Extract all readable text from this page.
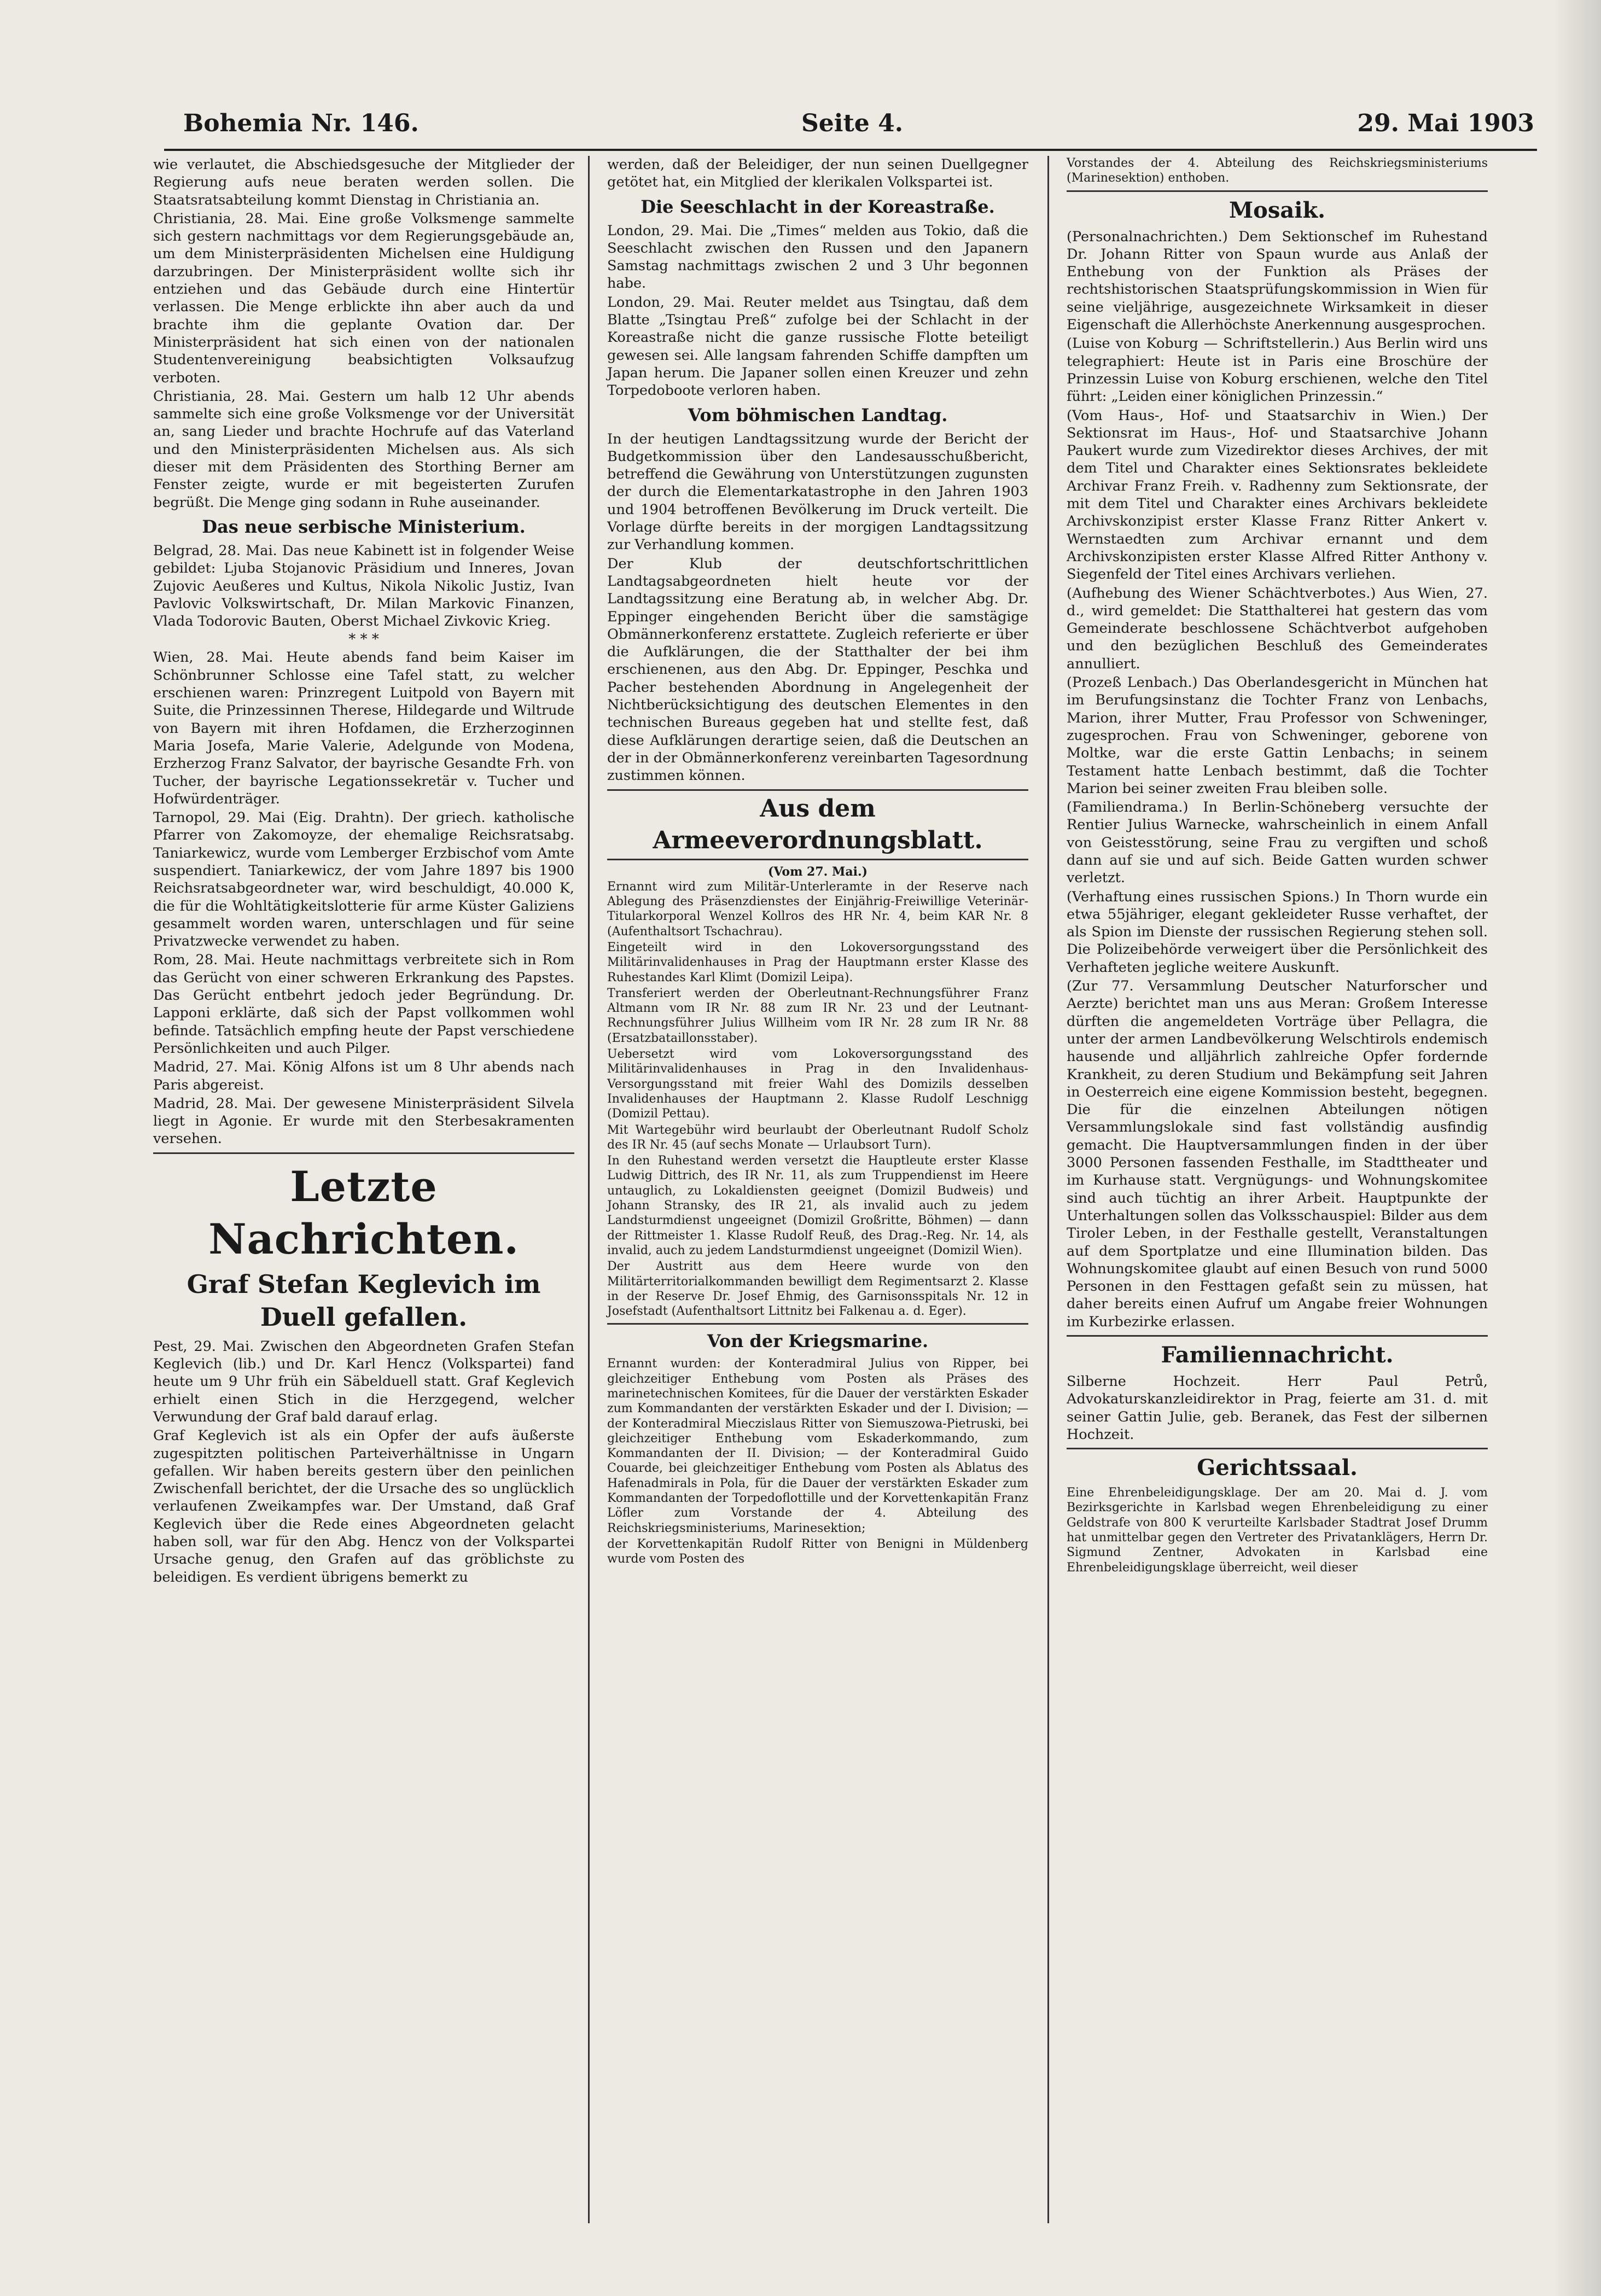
Bohemia Nr. 146.	Seite 4.	29. Mai 1903

wie verlautet, die Abschiedsgesuche der Mitglieder der Regierung aufs neue beraten werden sollen. Die Staatsratsabteilung kommt Dienstag in Christiania an.

Christiania, 28. Mai. Eine große Volksmenge sammelte sich gestern nachmittags vor dem Regierungsgebäude an, um dem Ministerpräsidenten Michelsen eine Huldigung darzubringen. Der Ministerpräsident wollte sich ihr entziehen und das Gebäude durch eine Hintertür verlassen. Die Menge erblickte ihn aber auch da und brachte ihm die geplante Ovation dar. Der Ministerpräsident hat sich einen von der nationalen Studentenvereinigung beabsichtigten Volksaufzug verboten.

Christiania, 28. Mai. Gestern um halb 12 Uhr abends sammelte sich eine große Volksmenge vor der Universität an, sang Lieder und brachte Hochrufe auf das Vaterland und den Ministerpräsidenten Michelsen aus. Als sich dieser mit dem Präsidenten des Storthing Berner am Fenster zeigte, wurde er mit begeisterten Zurufen begrüßt. Die Menge ging sodann in Ruhe auseinander.

Das neue serbische Ministerium.

Belgrad, 28. Mai. Das neue Kabinett ist in folgender Weise gebildet: Ljuba Stojanovic Präsidium und Inneres, Jovan Zujovic Aeußeres und Kultus, Nikola Nikolic Justiz, Ivan Pavlovic Volkswirtschaft, Dr. Milan Markovic Finanzen, Vlada Todorovic Bauten, Oberst Michael Zivkovic Krieg.

* * *

Wien, 28. Mai. Heute abends fand beim Kaiser im Schönbrunner Schlosse eine Tafel statt, zu welcher erschienen waren: Prinzregent Luitpold von Bayern mit Suite, die Prinzessinnen Therese, Hildegarde und Wiltrude von Bayern mit ihren Hofdamen, die Erzherzoginnen Maria Josefa, Marie Valerie, Adelgunde von Modena, Erzherzog Franz Salvator, der bayrische Gesandte Frh. von Tucher, der bayrische Legationssekretär v. Tucher und Hofwürdenträger.

Tarnopol, 29. Mai (Eig. Drahtn). Der griech. katholische Pfarrer von Zakomoyze, der ehemalige Reichsratsabg. Taniarkewicz, wurde vom Lemberger Erzbischof vom Amte suspendiert. Taniarkewicz, der vom Jahre 1897 bis 1900 Reichsratsabgeordneter war, wird beschuldigt, 40.000 K, die für die Wohltätigkeitslotterie für arme Küster Galiziens gesammelt worden waren, unterschlagen und für seine Privatzwecke verwendet zu haben.

Rom, 28. Mai. Heute nachmittags verbreitete sich in Rom das Gerücht von einer schweren Erkrankung des Papstes. Das Gerücht entbehrt jedoch jeder Begründung. Dr. Lapponi erklärte, daß sich der Papst vollkommen wohl befinde. Tatsächlich empfing heute der Papst verschiedene Persönlichkeiten und auch Pilger.

Madrid, 27. Mai. König Alfons ist um 8 Uhr abends nach Paris abgereist.

Madrid, 28. Mai. Der gewesene Ministerpräsident Silvela liegt in Agonie. Er wurde mit den Sterbesakramenten versehen.

Letzte Nachrichten.
Graf Stefan Keglevich im Duell gefallen.

Pest, 29. Mai. Zwischen den Abgeordneten Grafen Stefan Keglevich (lib.) und Dr. Karl Hencz (Volkspartei) fand heute um 9 Uhr früh ein Säbelduell statt. Graf Keglevich erhielt einen Stich in die Herzgegend, welcher Verwundung der Graf bald darauf erlag.

Graf Keglevich ist als ein Opfer der aufs äußerste zugespitzten politischen Parteiverhältnisse in Ungarn gefallen. Wir haben bereits gestern über den peinlichen Zwischenfall berichtet, der die Ursache des so unglücklich verlaufenen Zweikampfes war. Der Umstand, daß Graf Keglevich über die Rede eines Abgeordneten gelacht haben soll, war für den Abg. Hencz von der Volkspartei Ursache genug, den Grafen auf das gröblichste zu beleidigen. Es verdient übrigens bemerkt zu

werden, daß der Beleidiger, der nun seinen Duellgegner getötet hat, ein Mitglied der klerikalen Volkspartei ist.

Die Seeschlacht in der Koreastraße.

London, 29. Mai. Die „Times“ melden aus Tokio, daß die Seeschlacht zwischen den Russen und den Japanern Samstag nachmittags zwischen 2 und 3 Uhr begonnen habe.

London, 29. Mai. Reuter meldet aus Tsingtau, daß dem Blatte „Tsingtau Preß“ zufolge bei der Schlacht in der Koreastraße nicht die ganze russische Flotte beteiligt gewesen sei. Alle langsam fahrenden Schiffe dampften um Japan herum. Die Japaner sollen einen Kreuzer und zehn Torpedoboote verloren haben.

Vom böhmischen Landtag.

In der heutigen Landtagssitzung wurde der Bericht der Budgetkommission über den Landesausschußbericht, betreffend die Gewährung von Unterstützungen zugunsten der durch die Elementarkatastrophe in den Jahren 1903 und 1904 betroffenen Bevölkerung im Druck verteilt. Die Vorlage dürfte bereits in der morgigen Landtagssitzung zur Verhandlung kommen.

Der Klub der deutschfortschrittlichen Landtagsabgeordneten hielt heute vor der Landtagssitzung eine Beratung ab, in welcher Abg. Dr. Eppinger eingehenden Bericht über die samstägige Obmännerkonferenz erstattete. Zugleich referierte er über die Aufklärungen, die der Statthalter der bei ihm erschienenen, aus den Abg. Dr. Eppinger, Peschka und Pacher bestehenden Abordnung in Angelegenheit der Nichtberücksichtigung des deutschen Elementes in den technischen Bureaus gegeben hat und stellte fest, daß diese Aufklärungen derartige seien, daß die Deutschen an der in der Obmännerkonferenz vereinbarten Tagesordnung zustimmen können.

Aus dem Armeeverordnungsblatt.
(Vom 27. Mai.)

Ernannt wird zum Militär-Unterleramte in der Reserve nach Ablegung des Präsenzdienstes der Einjährig-Freiwillige Veterinär-Titularkorporal Wenzel Kollros des HR Nr. 4, beim KAR Nr. 8 (Aufenthaltsort Tschachrau).

Eingeteilt wird in den Lokoversorgungsstand des Militärinvalidenhauses in Prag der Hauptmann erster Klasse des Ruhestandes Karl Klimt (Domizil Leipa).

Transferiert werden der Oberleutnant-Rechnungsführer Franz Altmann vom IR Nr. 88 zum IR Nr. 23 und der Leutnant-Rechnungsführer Julius Willheim vom IR Nr. 28 zum IR Nr. 88 (Ersatzbataillonsstaber).

Uebersetzt wird vom Lokoversorgungsstand des Militärinvalidenhauses in Prag in den Invalidenhaus-Versorgungsstand mit freier Wahl des Domizils desselben Invalidenhauses der Hauptmann 2. Klasse Rudolf Leschnigg (Domizil Pettau).

Mit Wartegebühr wird beurlaubt der Oberleutnant Rudolf Scholz des IR Nr. 45 (auf sechs Monate — Urlaubsort Turn).

In den Ruhestand werden versetzt die Hauptleute erster Klasse Ludwig Dittrich, des IR Nr. 11, als zum Truppendienst im Heere untauglich, zu Lokaldiensten geeignet (Domizil Budweis) und Johann Stransky, des IR 21, als invalid auch zu jedem Landsturmdienst ungeeignet (Domizil Großritte, Böhmen) — dann der Rittmeister 1. Klasse Rudolf Reuß, des Drag.-Reg. Nr. 14, als invalid, auch zu jedem Landsturmdienst ungeeignet (Domizil Wien).

Der Austritt aus dem Heere wurde von den Militärterritorialkommanden bewilligt dem Regimentsarzt 2. Klasse in der Reserve Dr. Josef Ehmig, des Garnisonsspitals Nr. 12 in Josefstadt (Aufenthaltsort Littnitz bei Falkenau a. d. Eger).

Von der Kriegsmarine.

Ernannt wurden: der Konteradmiral Julius von Ripper, bei gleichzeitiger Enthebung vom Posten als Präses des marinetechnischen Komitees, für die Dauer der verstärkten Eskader zum Kommandanten der verstärkten Eskader und der I. Division; — der Konteradmiral Mieczislaus Ritter von Siemuszowa-Pietruski, bei gleichzeitiger Enthebung vom Eskaderkommando, zum Kommandanten der II. Division; — der Konteradmiral Guido Couarde, bei gleichzeitiger Enthebung vom Posten als Ablatus des Hafenadmirals in Pola, für die Dauer der verstärkten Eskader zum Kommandanten der Torpedoflottille und der Korvettenkapitän Franz Löfler zum Vorstande der 4. Abteilung des Reichskriegsministeriums, Marinesektion;

der Korvettenkapitän Rudolf Ritter von Benigni in Müldenberg wurde vom Posten des

Vorstandes der 4. Abteilung des Reichskriegsministeriums (Marinesektion) enthoben.

Mosaik.

(Personalnachrichten.) Dem Sektionschef im Ruhestand Dr. Johann Ritter von Spaun wurde aus Anlaß der Enthebung von der Funktion als Präses der rechtshistorischen Staatsprüfungskommission in Wien für seine vieljährige, ausgezeichnete Wirksamkeit in dieser Eigenschaft die Allerhöchste Anerkennung ausgesprochen.

(Luise von Koburg — Schriftstellerin.) Aus Berlin wird uns telegraphiert: Heute ist in Paris eine Broschüre der Prinzessin Luise von Koburg erschienen, welche den Titel führt: „Leiden einer königlichen Prinzessin.“

(Vom Haus-, Hof- und Staatsarchiv in Wien.) Der Sektionsrat im Haus-, Hof- und Staatsarchive Johann Paukert wurde zum Vizedirektor dieses Archives, der mit dem Titel und Charakter eines Sektionsrates bekleidete Archivar Franz Freih. v. Radhenny zum Sektionsrate, der mit dem Titel und Charakter eines Archivars bekleidete Archivskonzipist erster Klasse Franz Ritter Ankert v. Wernstaedten zum Archivar ernannt und dem Archivskonzipisten erster Klasse Alfred Ritter Anthony v. Siegenfeld der Titel eines Archivars verliehen.

(Aufhebung des Wiener Schächtverbotes.) Aus Wien, 27. d., wird gemeldet: Die Statthalterei hat gestern das vom Gemeinderate beschlossene Schächtverbot aufgehoben und den bezüglichen Beschluß des Gemeinderates annulliert.

(Prozeß Lenbach.) Das Oberlandesgericht in München hat im Berufungsinstanz die Tochter Franz von Lenbachs, Marion, ihrer Mutter, Frau Professor von Schweninger, zugesprochen. Frau von Schweninger, geborene von Moltke, war die erste Gattin Lenbachs; in seinem Testament hatte Lenbach bestimmt, daß die Tochter Marion bei seiner zweiten Frau bleiben solle.

(Familiendrama.) In Berlin-Schöneberg versuchte der Rentier Julius Warnecke, wahrscheinlich in einem Anfall von Geistesstörung, seine Frau zu vergiften und schoß dann auf sie und auf sich. Beide Gatten wurden schwer verletzt.

(Verhaftung eines russischen Spions.) In Thorn wurde ein etwa 55jähriger, elegant gekleideter Russe verhaftet, der als Spion im Dienste der russischen Regierung stehen soll. Die Polizeibehörde verweigert über die Persönlichkeit des Verhafteten jegliche weitere Auskunft.

(Zur 77. Versammlung Deutscher Naturforscher und Aerzte) berichtet man uns aus Meran: Großem Interesse dürften die angemeldeten Vorträge über Pellagra, die unter der armen Landbevölkerung Welschtirols endemisch hausende und alljährlich zahlreiche Opfer fordernde Krankheit, zu deren Studium und Bekämpfung seit Jahren in Oesterreich eine eigene Kommission besteht, begegnen. Die für die einzelnen Abteilungen nötigen Versammlungslokale sind fast vollständig ausfindig gemacht. Die Hauptversammlungen finden in der über 3000 Personen fassenden Festhalle, im Stadttheater und im Kurhause statt. Vergnügungs- und Wohnungskomitee sind auch tüchtig an ihrer Arbeit. Hauptpunkte der Unterhaltungen sollen das Volksschauspiel: Bilder aus dem Tiroler Leben, in der Festhalle gestellt, Veranstaltungen auf dem Sportplatze und eine Illumination bilden. Das Wohnungskomitee glaubt auf einen Besuch von rund 5000 Personen in den Festtagen gefaßt sein zu müssen, hat daher bereits einen Aufruf um Angabe freier Wohnungen im Kurbezirke erlassen.

Familiennachricht.

Silberne Hochzeit. Herr Paul Petrů, Advokaturskanzleidirektor in Prag, feierte am 31. d. mit seiner Gattin Julie, geb. Beranek, das Fest der silbernen Hochzeit.

Gerichtssaal.

Eine Ehrenbeleidigungsklage. Der am 20. Mai d. J. vom Bezirksgerichte in Karlsbad wegen Ehrenbeleidigung zu einer Geldstrafe von 800 K verurteilte Karlsbader Stadtrat Josef Drumm hat unmittelbar gegen den Vertreter des Privatanklägers, Herrn Dr. Sigmund Zentner, Advokaten in Karlsbad eine Ehrenbeleidigungsklage überreicht, weil dieser
